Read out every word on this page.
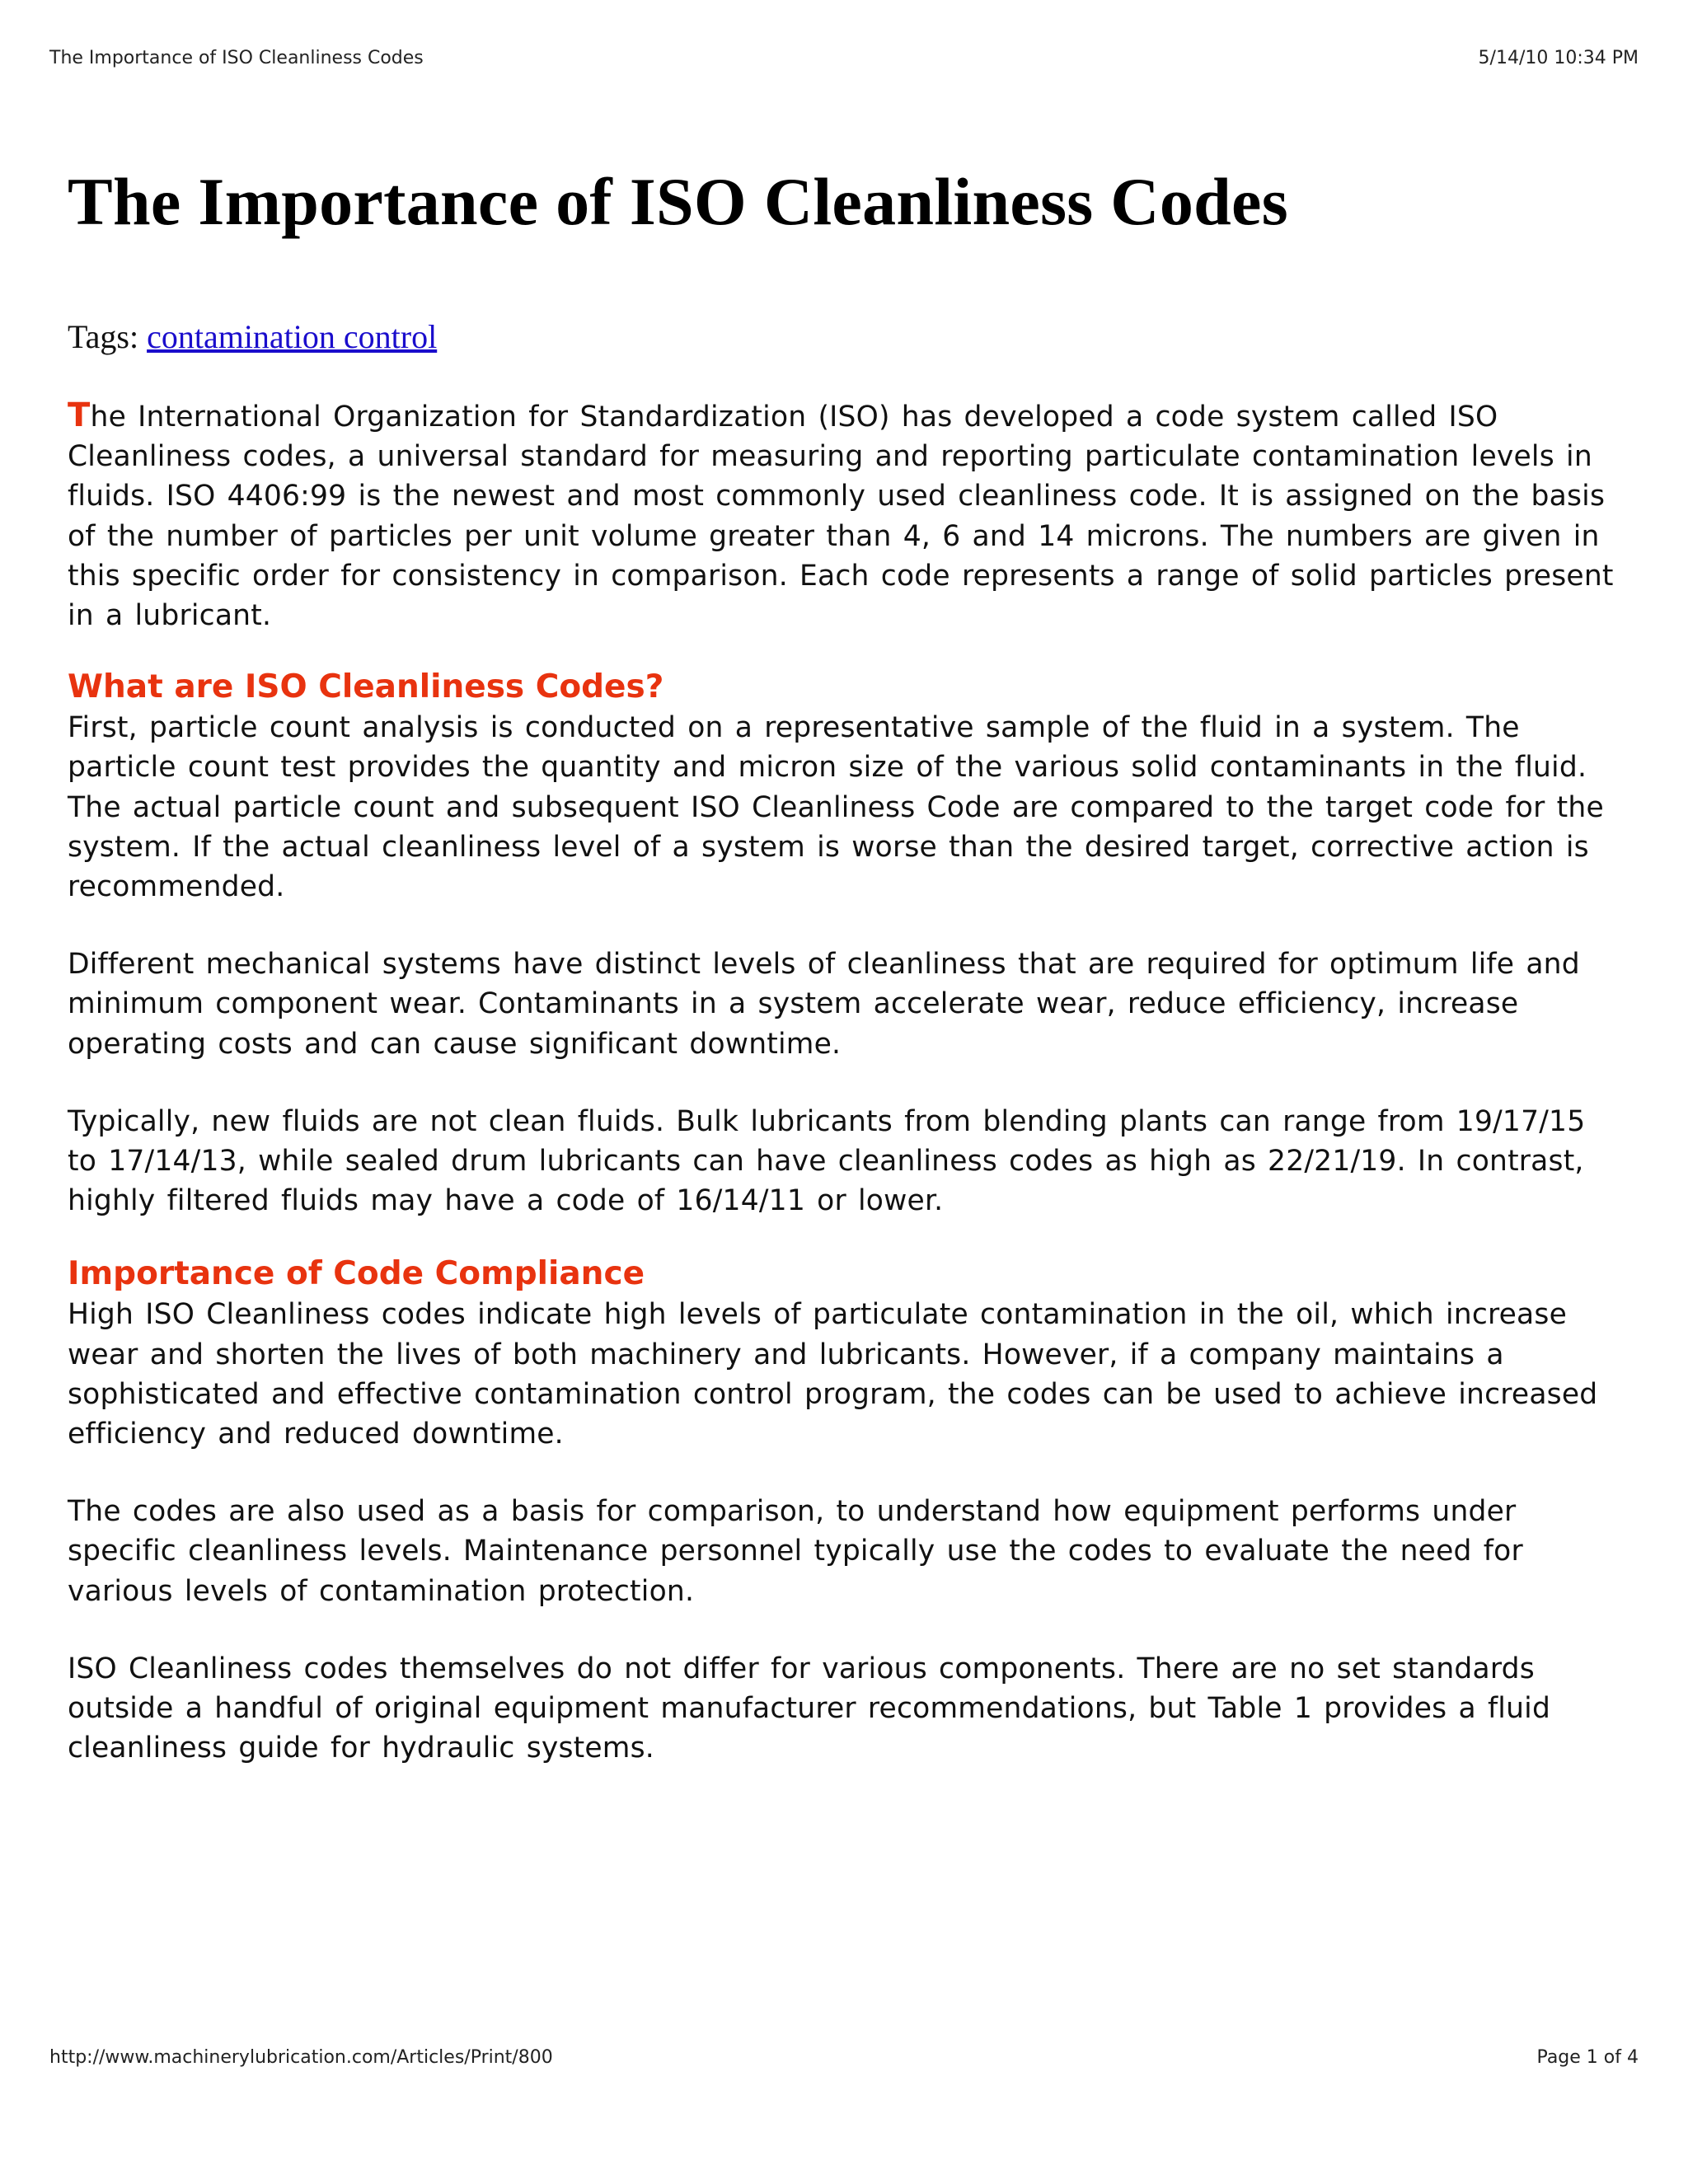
The Importance of ISO Cleanliness Codes	5/14/10 10:34 PM
The Importance of ISO Cleanliness Codes
Tags: contamination control

The International Organization for Standardization (ISO) has developed a code system called ISO Cleanliness codes, a universal standard for measuring and reporting particulate contamination levels in fluids. ISO 4406:99 is the newest and most commonly used cleanliness code. It is assigned on the basis of the number of particles per unit volume greater than 4, 6 and 14 microns. The numbers are given in this specific order for consistency in comparison. Each code represents a range of solid particles present in a lubricant.

What are ISO Cleanliness Codes?

First, particle count analysis is conducted on a representative sample of the fluid in a system. The particle count test provides the quantity and micron size of the various solid contaminants in the fluid. The actual particle count and subsequent ISO Cleanliness Code are compared to the target code for the system. If the actual cleanliness level of a system is worse than the desired target, corrective action is recommended.

Different mechanical systems have distinct levels of cleanliness that are required for optimum life and minimum component wear. Contaminants in a system accelerate wear, reduce efficiency, increase operating costs and can cause significant downtime.

Typically, new fluids are not clean fluids. Bulk lubricants from blending plants can range from 19/17/15 to 17/14/13, while sealed drum lubricants can have cleanliness codes as high as 22/21/19. In contrast, highly filtered fluids may have a code of 16/14/11 or lower.

Importance of Code Compliance

High ISO Cleanliness codes indicate high levels of particulate contamination in the oil, which increase wear and shorten the lives of both machinery and lubricants. However, if a company maintains a sophisticated and effective contamination control program, the codes can be used to achieve increased efficiency and reduced downtime.

The codes are also used as a basis for comparison, to understand how equipment performs under specific cleanliness levels. Maintenance personnel typically use the codes to evaluate the need for various levels of contamination protection.

ISO Cleanliness codes themselves do not differ for various components. There are no set standards outside a handful of original equipment manufacturer recommendations, but Table 1 provides a fluid cleanliness guide for hydraulic systems.

http://www.machinerylubrication.com/Articles/Print/800	Page 1 of 4
